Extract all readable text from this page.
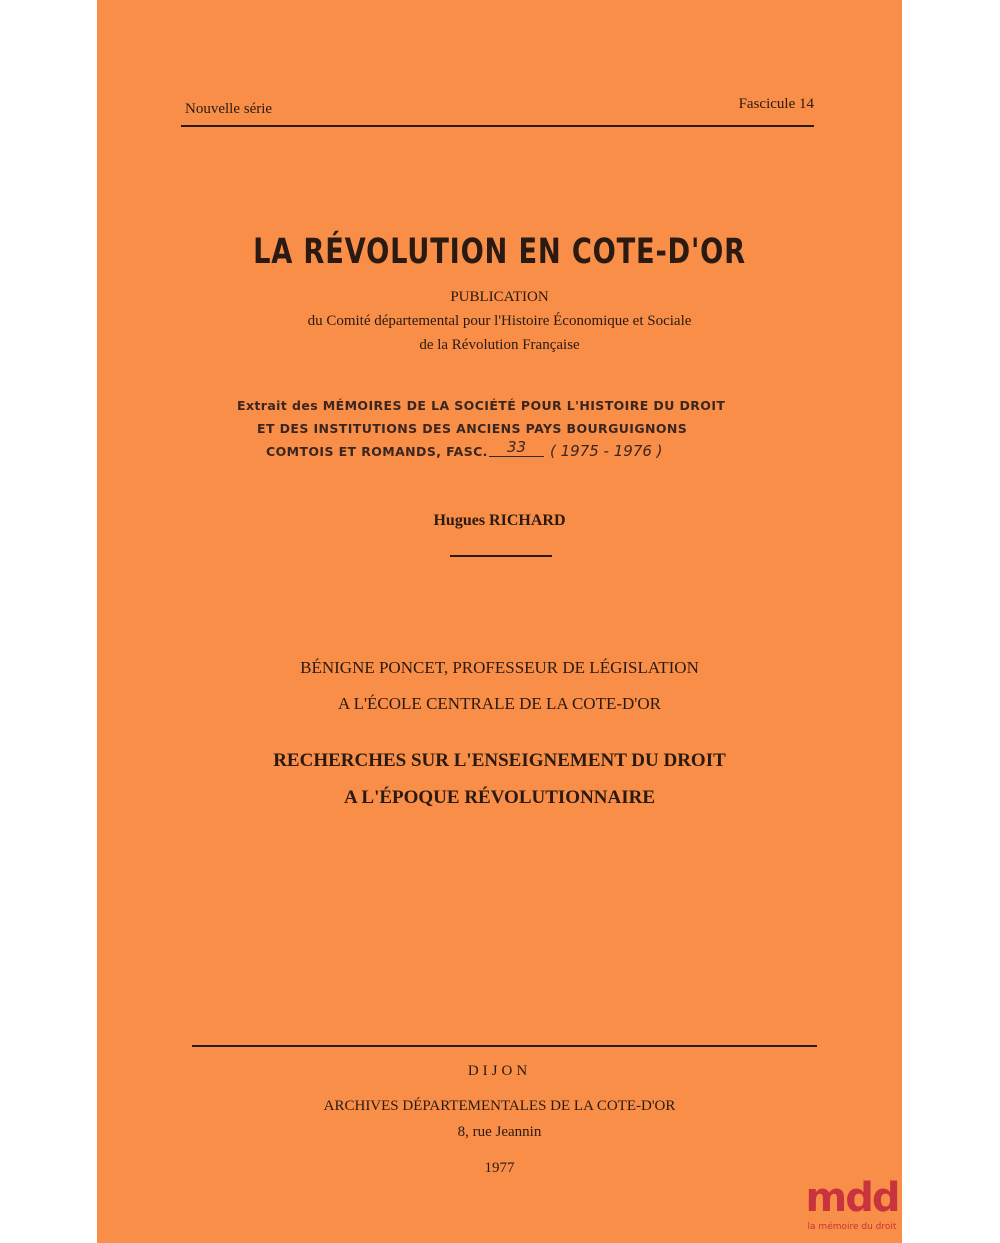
Nouvelle série	Fascicule 14
LA RÉVOLUTION EN COTE-D'OR
PUBLICATION
du Comité départemental pour l'Histoire Économique et Sociale
de la Révolution Française
Extrait des MÉMOIRES DE LA SOCIÉTÉ POUR L'HISTOIRE DU DROIT
ET DES INSTITUTIONS DES ANCIENS PAYS BOURGUIGNONS
COMTOIS ET ROMANDS, FASC.	33	( 1975 - 1976 )
Hugues RICHARD
BÉNIGNE PONCET, PROFESSEUR DE LÉGISLATION
A L'ÉCOLE CENTRALE DE LA COTE-D'OR
RECHERCHES SUR L'ENSEIGNEMENT DU DROIT
A L'ÉPOQUE RÉVOLUTIONNAIRE
DIJON
ARCHIVES DÉPARTEMENTALES DE LA COTE-D'OR
8, rue Jeannin
1977
mdd
la mémoire du droit
